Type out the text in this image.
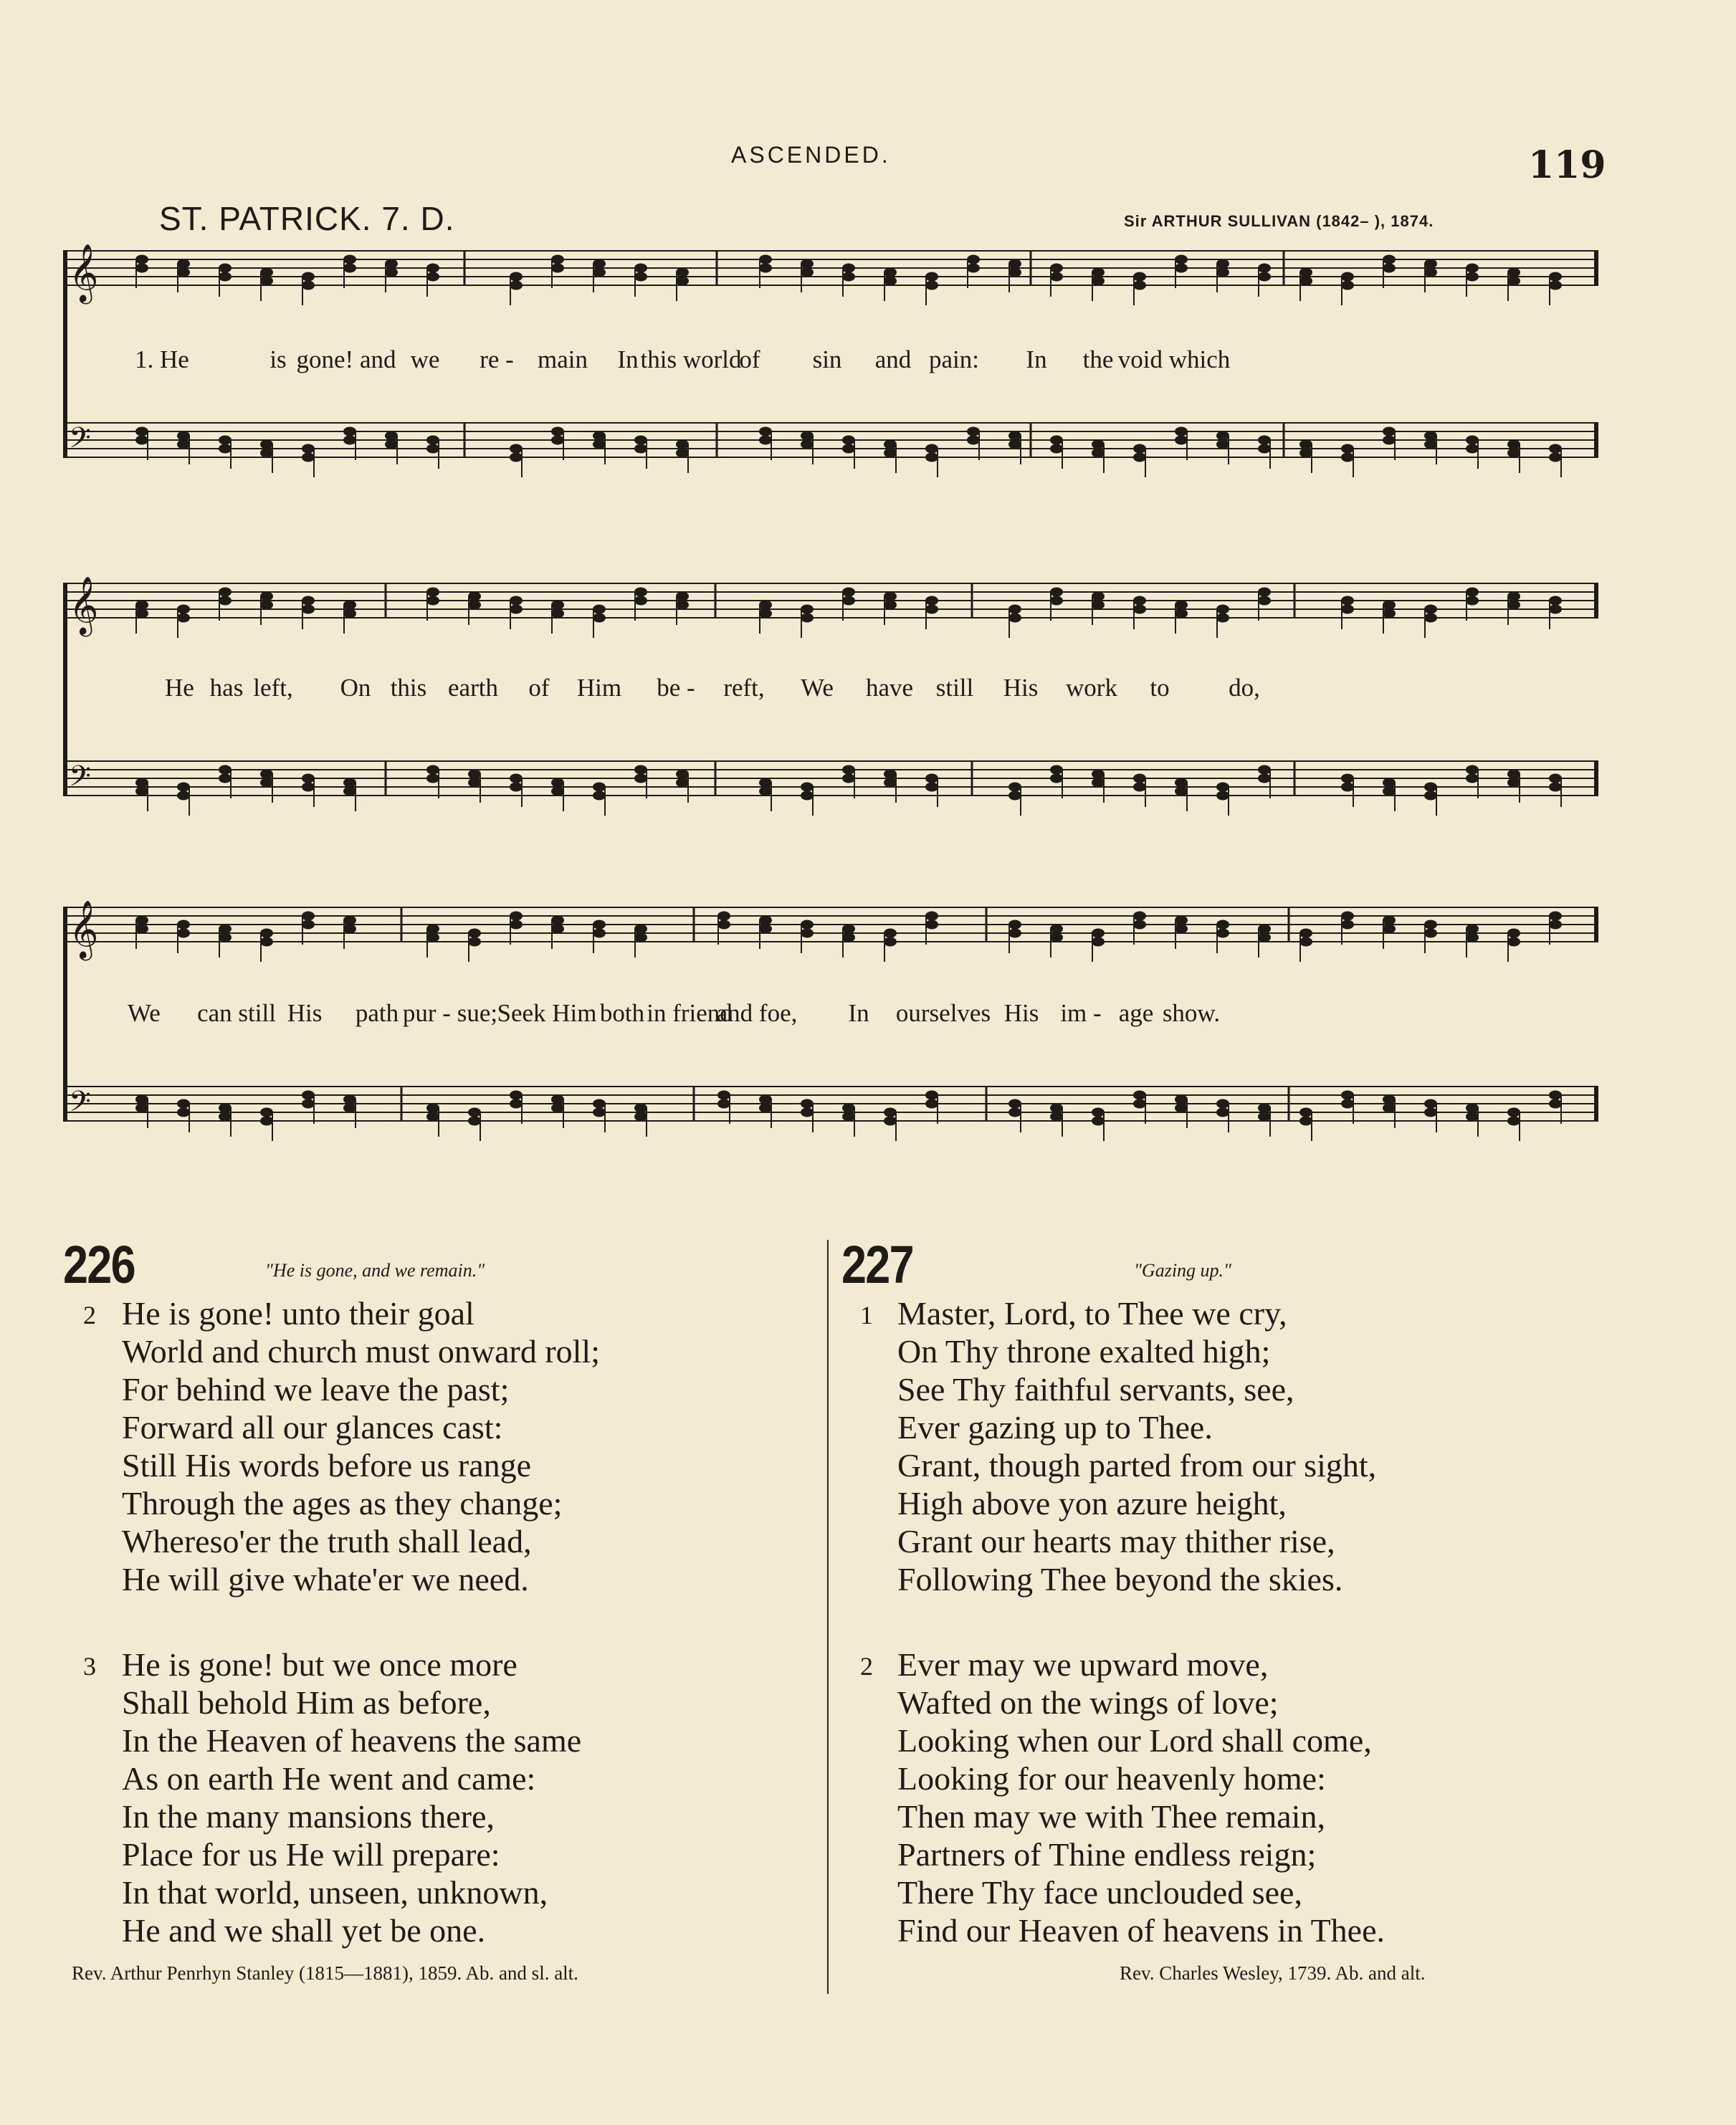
ASCENDED.	119
ST. PATRICK. 7. D.	Sir ARTHUR SULLIVAN (1842– ), 1874.
𝄞
𝄢
1. He	is gone! and we re - main In this world
of sin and pain: In the void which
𝄞
𝄢
He has left, On this earth of Him be - reft, We have still His work to do,
𝄞
𝄢
We can still His path pur - sue; Seek Him both in friend
and foe, In ourselves His im - age show.
226	"He is gone, and we remain."
2 He is gone! unto their goal
World and church must onward roll;
For behind we leave the past;
Forward all our glances cast:
Still His words before us range
Through the ages as they change;
Whereso'er the truth shall lead,
He will give whate'er we need.
3 He is gone! but we once more
Shall behold Him as before,
In the Heaven of heavens the same
As on earth He went and came:
In the many mansions there,
Place for us He will prepare:
In that world, unseen, unknown,
He and we shall yet be one.
Rev. Arthur Penrhyn Stanley (1815—1881), 1859. Ab. and sl. alt.
227	"Gazing up."
1 Master, Lord, to Thee we cry,
On Thy throne exalted high;
See Thy faithful servants, see,
Ever gazing up to Thee.
Grant, though parted from our sight,
High above yon azure height,
Grant our hearts may thither rise,
Following Thee beyond the skies.
2 Ever may we upward move,
Wafted on the wings of love;
Looking when our Lord shall come,
Looking for our heavenly home:
Then may we with Thee remain,
Partners of Thine endless reign;
There Thy face unclouded see,
Find our Heaven of heavens in Thee.
Rev. Charles Wesley, 1739. Ab. and alt.
